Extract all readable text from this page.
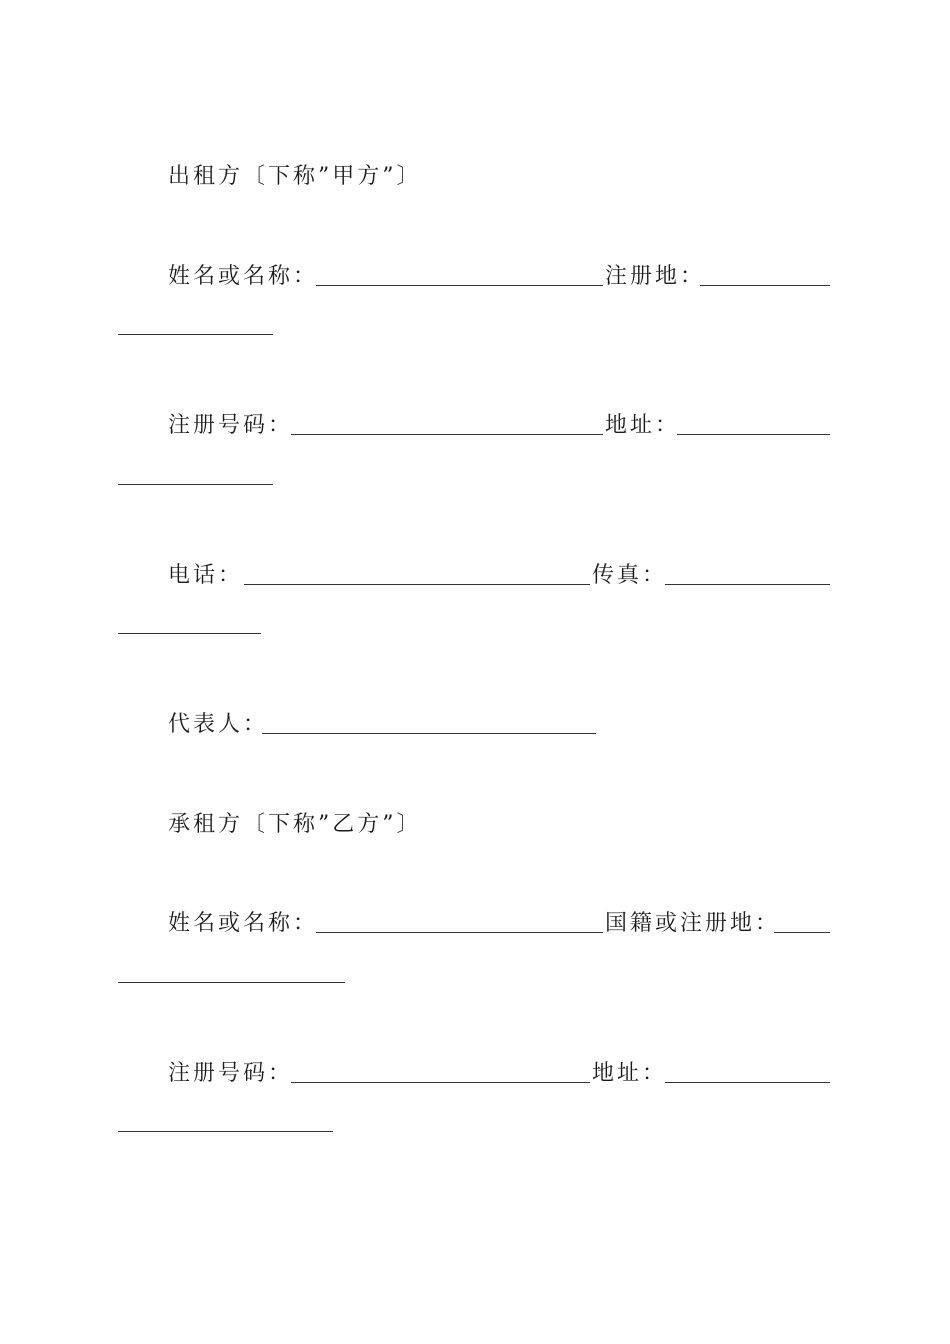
出租方〔下称”甲方”〕
姓名或名称：	注册地：
注册号码：	地址：
电话：	传真：
代表人：
承租方〔下称”乙方”〕
姓名或名称：	国籍或注册地：
注册号码：	地址：
